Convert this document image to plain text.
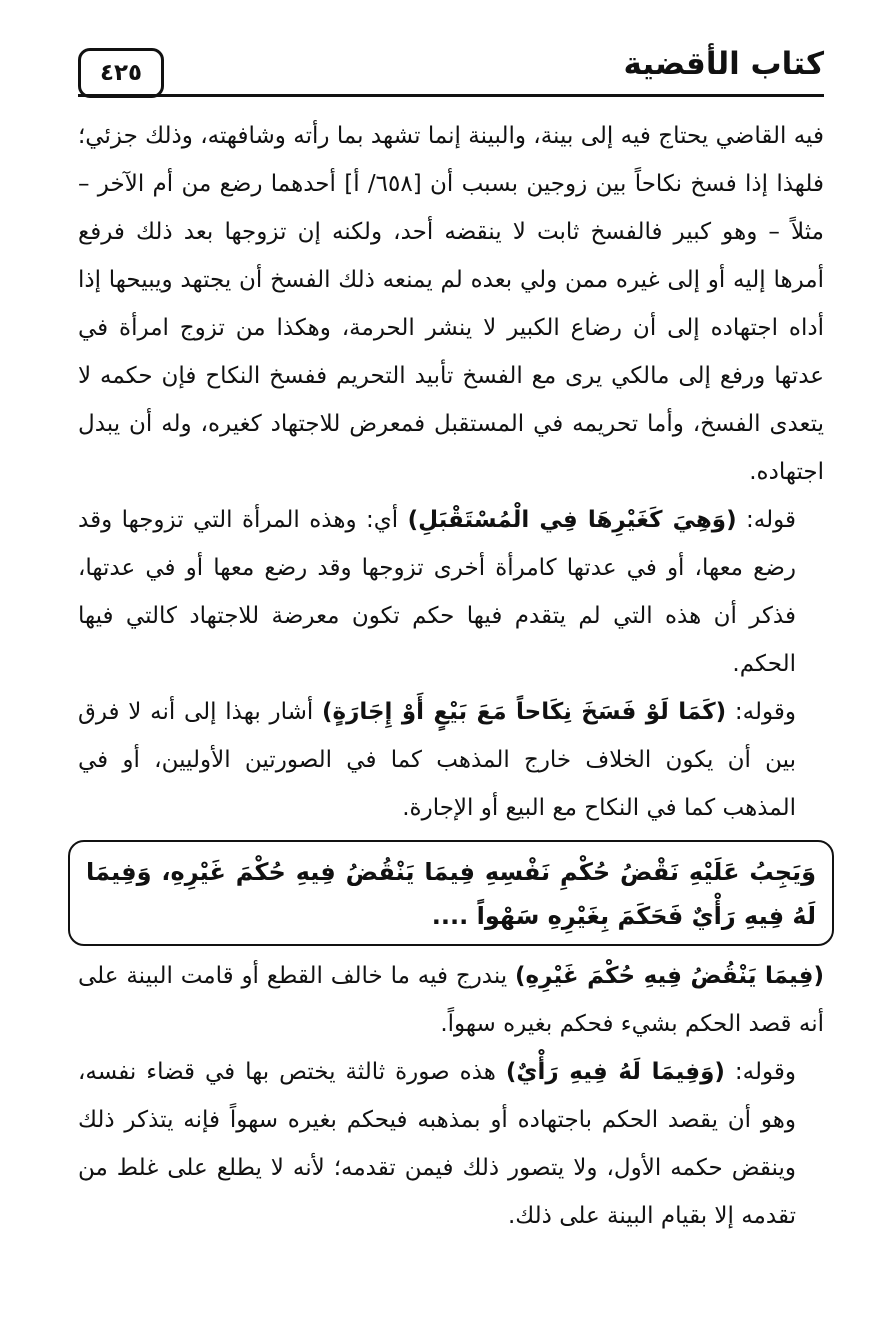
٤٢٥	كتاب الأقضية

فيه القاضي يحتاج فيه إلى بينة، والبينة إنما تشهد بما رأته وشافهته، وذلك جزئي؛ فلهذا إذا فسخ نكاحاً بين زوجين بسبب أن [٦٥٨/ أ] أحدهما رضع من أم الآخر – مثلاً – وهو كبير فالفسخ ثابت لا ينقضه أحد، ولكنه إن تزوجها بعد ذلك فرفع أمرها إليه أو إلى غيره ممن ولي بعده لم يمنعه ذلك الفسخ أن يجتهد ويبيحها إذا أداه اجتهاده إلى أن رضاع الكبير لا ينشر الحرمة، وهكذا من تزوج امرأة في عدتها ورفع إلى مالكي يرى مع الفسخ تأبيد التحريم ففسخ النكاح فإن حكمه لا يتعدى الفسخ، وأما تحريمه في المستقبل فمعرض للاجتهاد كغيره، وله أن يبدل اجتهاده.

قوله: (وَهِيَ كَغَيْرِهَا فِي الْمُسْتَقْبَلِ) أي: وهذه المرأة التي تزوجها وقد رضع معها، أو في عدتها كامرأة أخرى تزوجها وقد رضع معها أو في عدتها، فذكر أن هذه التي لم يتقدم فيها حكم تكون معرضة للاجتهاد كالتي فيها الحكم.

وقوله: (كَمَا لَوْ فَسَخَ نِكَاحاً مَعَ بَيْعٍ أَوْ إِجَارَةٍ) أشار بهذا إلى أنه لا فرق بين أن يكون الخلاف خارج المذهب كما في الصورتين الأوليين، أو في المذهب كما في النكاح مع البيع أو الإجارة.

وَيَجِبُ عَلَيْهِ نَقْضُ حُكْمِ نَفْسِهِ فِيمَا يَنْقُضُ فِيهِ حُكْمَ غَيْرِهِ، وَفِيمَا لَهُ فِيهِ رَأْيٌ فَحَكَمَ بِغَيْرِهِ سَهْواً ....

(فِيمَا يَنْقُضُ فِيهِ حُكْمَ غَيْرِهِ) يندرج فيه ما خالف القطع أو قامت البينة على أنه قصد الحكم بشيء فحكم بغيره سهواً.

وقوله: (وَفِيمَا لَهُ فِيهِ رَأْيٌ) هذه صورة ثالثة يختص بها في قضاء نفسه، وهو أن يقصد الحكم باجتهاده أو بمذهبه فيحكم بغيره سهواً فإنه يتذكر ذلك وينقض حكمه الأول، ولا يتصور ذلك فيمن تقدمه؛ لأنه لا يطلع على غلط من تقدمه إلا بقيام البينة على ذلك.
